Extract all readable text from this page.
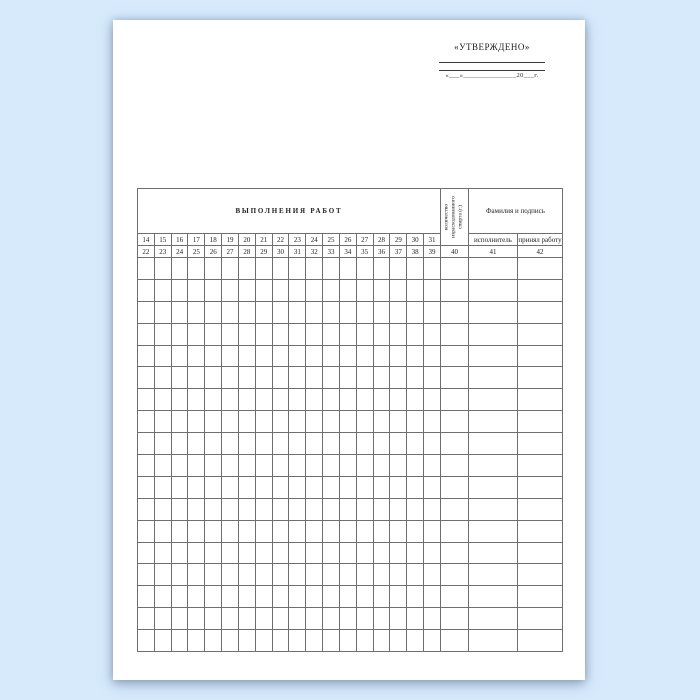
«УТВЕРЖДЕНО»
«___»_______________20___г.
ВЫПОЛНЕНИЯ РАБОТ																		количество израсходованного спирта (г.)	Фамилия и подпись	
14	15	16	17	18	19	20	21	22	23	24	25	26	27	28	29	30	31		исполнитель	принял работу
22	23	24	25	26	27	28	29	30	31	32	33	34	35	36	37	38	39	40	41	42
